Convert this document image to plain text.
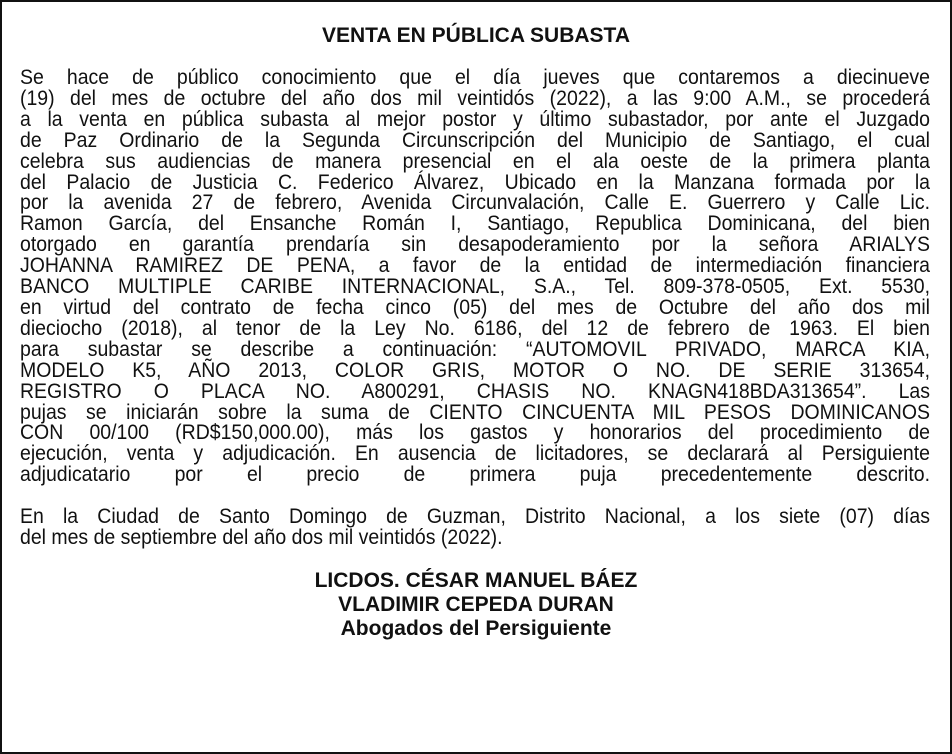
VENTA EN PÚBLICA SUBASTA
Se hace de público conocimiento que el día jueves que contaremos a diecinueve
(19) del mes de octubre del año dos mil veintidós (2022), a las 9:00 A.M., se procederá
a la venta en pública subasta al mejor postor y último subastador, por ante el Juzgado
de Paz Ordinario de la Segunda Circunscripción del Municipio de Santiago, el cual
celebra sus audiencias de manera presencial en el ala oeste de la primera planta
del Palacio de Justicia C. Federico Álvarez, Ubicado en la Manzana formada por la
por la avenida 27 de febrero, Avenida Circunvalación, Calle E. Guerrero y Calle Lic.
Ramon García, del Ensanche Román I, Santiago, Republica Dominicana, del bien
otorgado en garantía prendaría sin desapoderamiento por la señora ARIALYS
JOHANNA RAMIREZ DE PENA, a favor de la entidad de intermediación financiera
BANCO MULTIPLE CARIBE INTERNACIONAL, S.A., Tel. 809-378-0505, Ext. 5530,
en virtud del contrato de fecha cinco (05) del mes de Octubre del año dos mil
dieciocho (2018), al tenor de la Ley No. 6186, del 12 de febrero de 1963. El bien
para subastar se describe a continuación: “AUTOMOVIL PRIVADO, MARCA KIA,
MODELO K5, AÑO 2013, COLOR GRIS, MOTOR O NO. DE SERIE 313654,
REGISTRO O PLACA NO. A800291, CHASIS NO. KNAGN418BDA313654”. Las
pujas se iniciarán sobre la suma de CIENTO CINCUENTA MIL PESOS DOMINICANOS
CON 00/100 (RD$150,000.00), más los gastos y honorarios del procedimiento de
ejecución, venta y adjudicación. En ausencia de licitadores, se declarará al Persiguiente
adjudicatario por el precio de primera puja precedentemente descrito.
En la Ciudad de Santo Domingo de Guzman, Distrito Nacional, a los siete (07) días
del mes de septiembre del año dos mil veintidós (2022).
LICDOS. CÉSAR MANUEL BÁEZ
VLADIMIR CEPEDA DURAN
Abogados del Persiguiente
